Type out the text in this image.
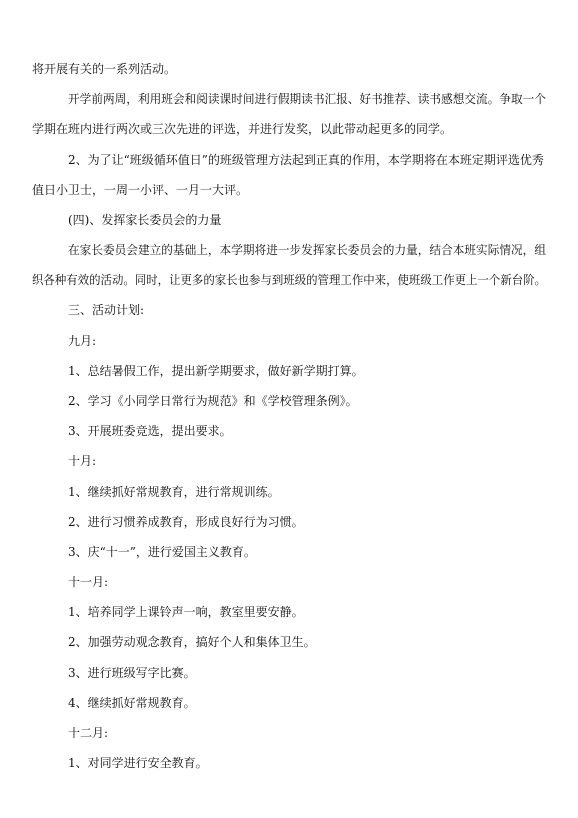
将开展有关的一系列活动。
开学前两周，利用班会和阅读课时间进行假期读书汇报、好书推荐、读书感想交流。争取一个
学期在班内进行两次或三次先进的评选，并进行发奖，以此带动起更多的同学。
2、为了让“班级循环值日”的班级管理方法起到正真的作用，本学期将在本班定期评选优秀
值日小卫士，一周一小评、一月一大评。
(四)、发挥家长委员会的力量
在家长委员会建立的基础上，本学期将进一步发挥家长委员会的力量，结合本班实际情况，组
织各种有效的活动。同时，让更多的家长也参与到班级的管理工作中来，使班级工作更上一个新台阶。
三、活动计划:
九月:
1、总结暑假工作，提出新学期要求，做好新学期打算。
2、学习《小同学日常行为规范》和《学校管理条例》。
3、开展班委竞选，提出要求。
十月:
1、继续抓好常规教育，进行常规训练。
2、进行习惯养成教育，形成良好行为习惯。
3、庆“十一”，进行爱国主义教育。
十一月:
1、培养同学上课铃声一响，教室里要安静。
2、加强劳动观念教育，搞好个人和集体卫生。
3、进行班级写字比赛。
4、继续抓好常规教育。
十二月:
1、对同学进行安全教育。
